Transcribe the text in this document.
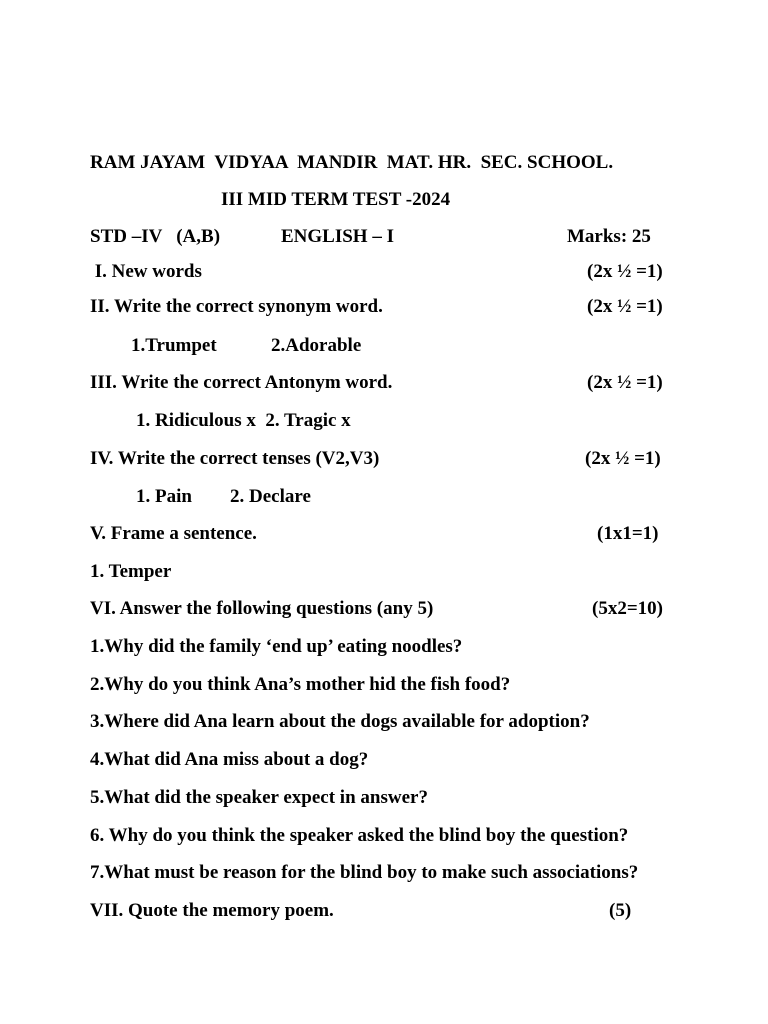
RAM JAYAM  VIDYAA  MANDIR  MAT. HR.  SEC. SCHOOL.
III MID TERM TEST -2024
STD –IV   (A,B)	ENGLISH – I	Marks: 25
I. New words	(2x ½ =1)
II. Write the correct synonym word.	(2x ½ =1)
1.Trumpet	2.Adorable
III. Write the correct Antonym word.	(2x ½ =1)
1. Ridiculous x  2. Tragic x
IV. Write the correct tenses (V2,V3)	(2x ½ =1)
1. Pain 2. Declare
V. Frame a sentence.	(1x1=1)
1. Temper
VI. Answer the following questions (any 5)	(5x2=10)
1.Why did the family ‘end up’ eating noodles?
2.Why do you think Ana’s mother hid the fish food?
3.Where did Ana learn about the dogs available for adoption?
4.What did Ana miss about a dog?
5.What did the speaker expect in answer?
6. Why do you think the speaker asked the blind boy the question?
7.What must be reason for the blind boy to make such associations?
VII. Quote the memory poem.	(5)
